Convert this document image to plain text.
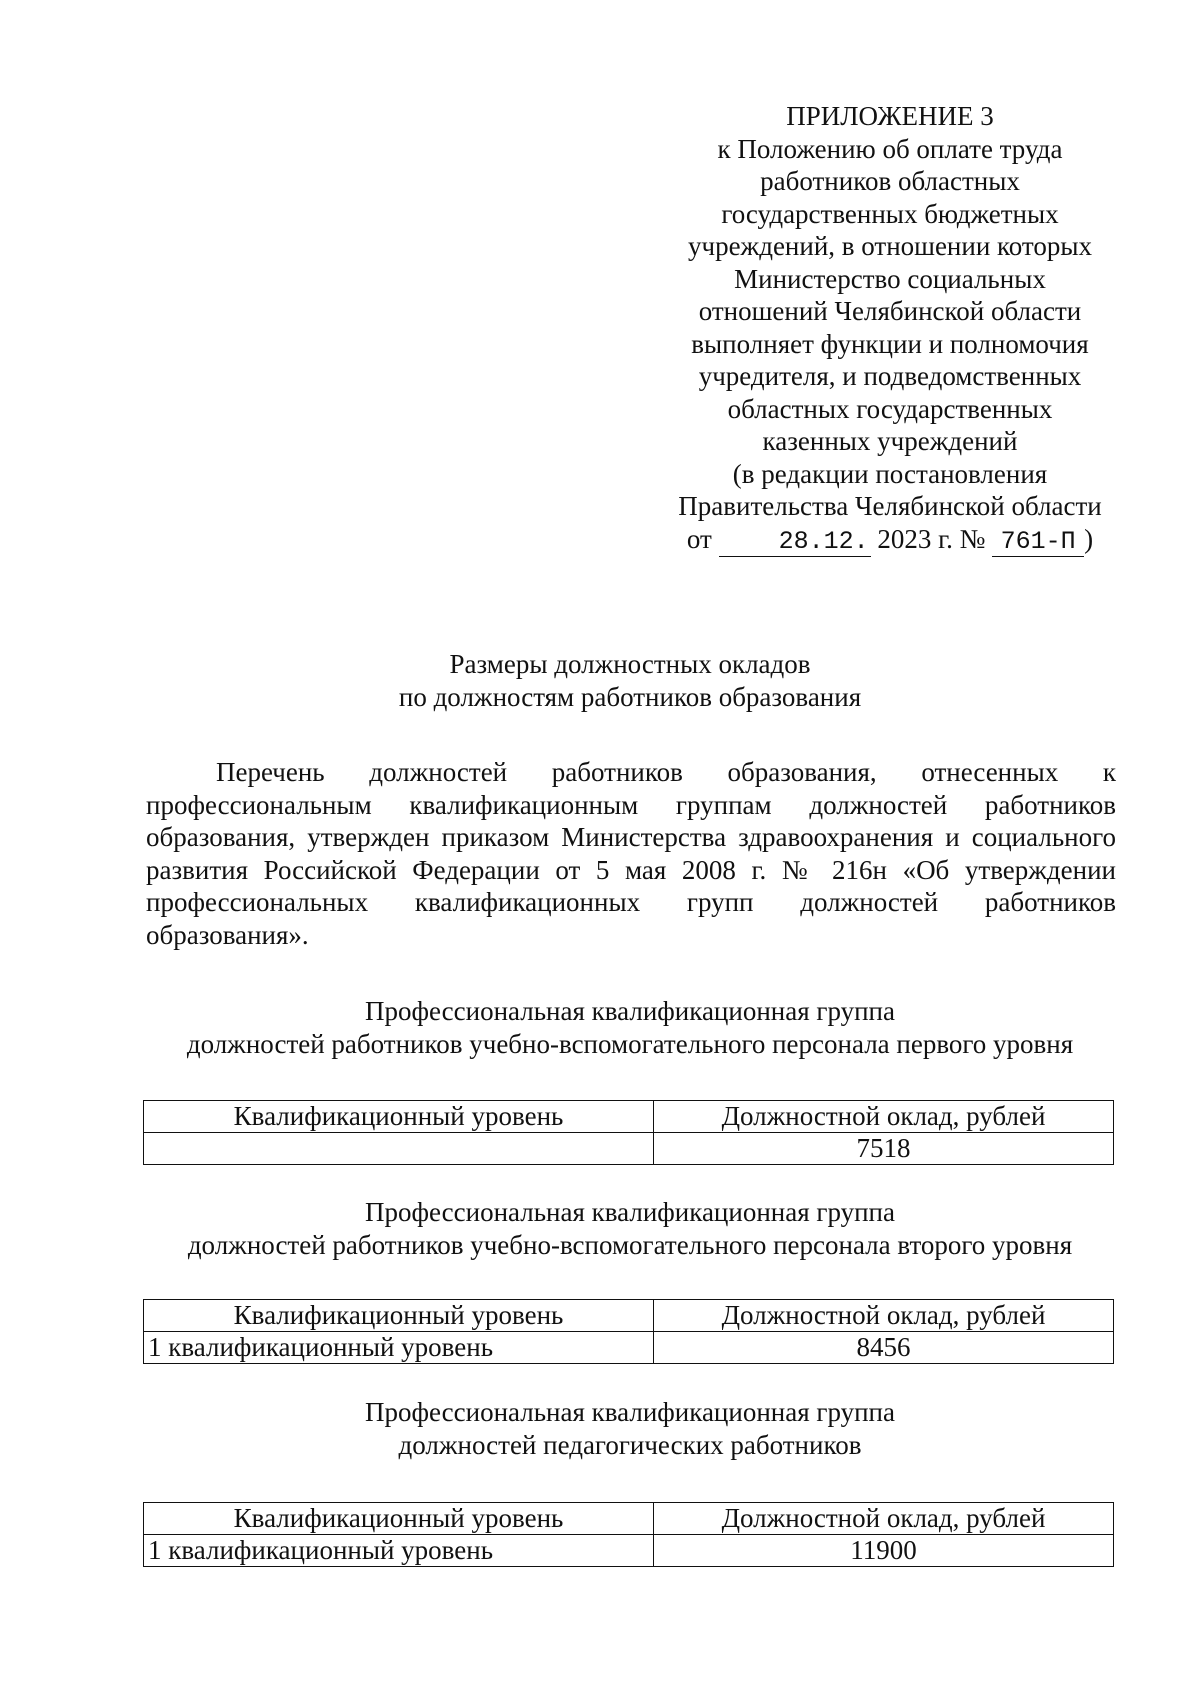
ПРИЛОЖЕНИЕ 3
к Положению об оплате труда
работников областных
государственных бюджетных
учреждений, в отношении которых
Министерство социальных
отношений Челябинской области
выполняет функции и полномочия
учредителя, и подведомственных
областных государственных
казенных учреждений
(в редакции постановления
Правительства Челябинской области
от	28.12. 2023 г. № 761-П )
Размеры должностных окладов
по должностям работников образования

Перечень должностей работников образования, отнесенных к профессиональным квалификационным группам должностей работников образования, утвержден приказом Министерства здравоохранения и социального развития Российской Федерации от 5 мая 2008 г. № 216н «Об утверждении профессиональных квалификационных групп должностей работников образования».

Профессиональная квалификационная группа
должностей работников учебно-вспомогательного персонала первого уровня
Квалификационный уровень	Должностной оклад, рублей
	7518
Профессиональная квалификационная группа
должностей работников учебно-вспомогательного персонала второго уровня
Квалификационный уровень	Должностной оклад, рублей
1 квалификационный уровень	8456
Профессиональная квалификационная группа
должностей педагогических работников
Квалификационный уровень	Должностной оклад, рублей
1 квалификационный уровень	11900
